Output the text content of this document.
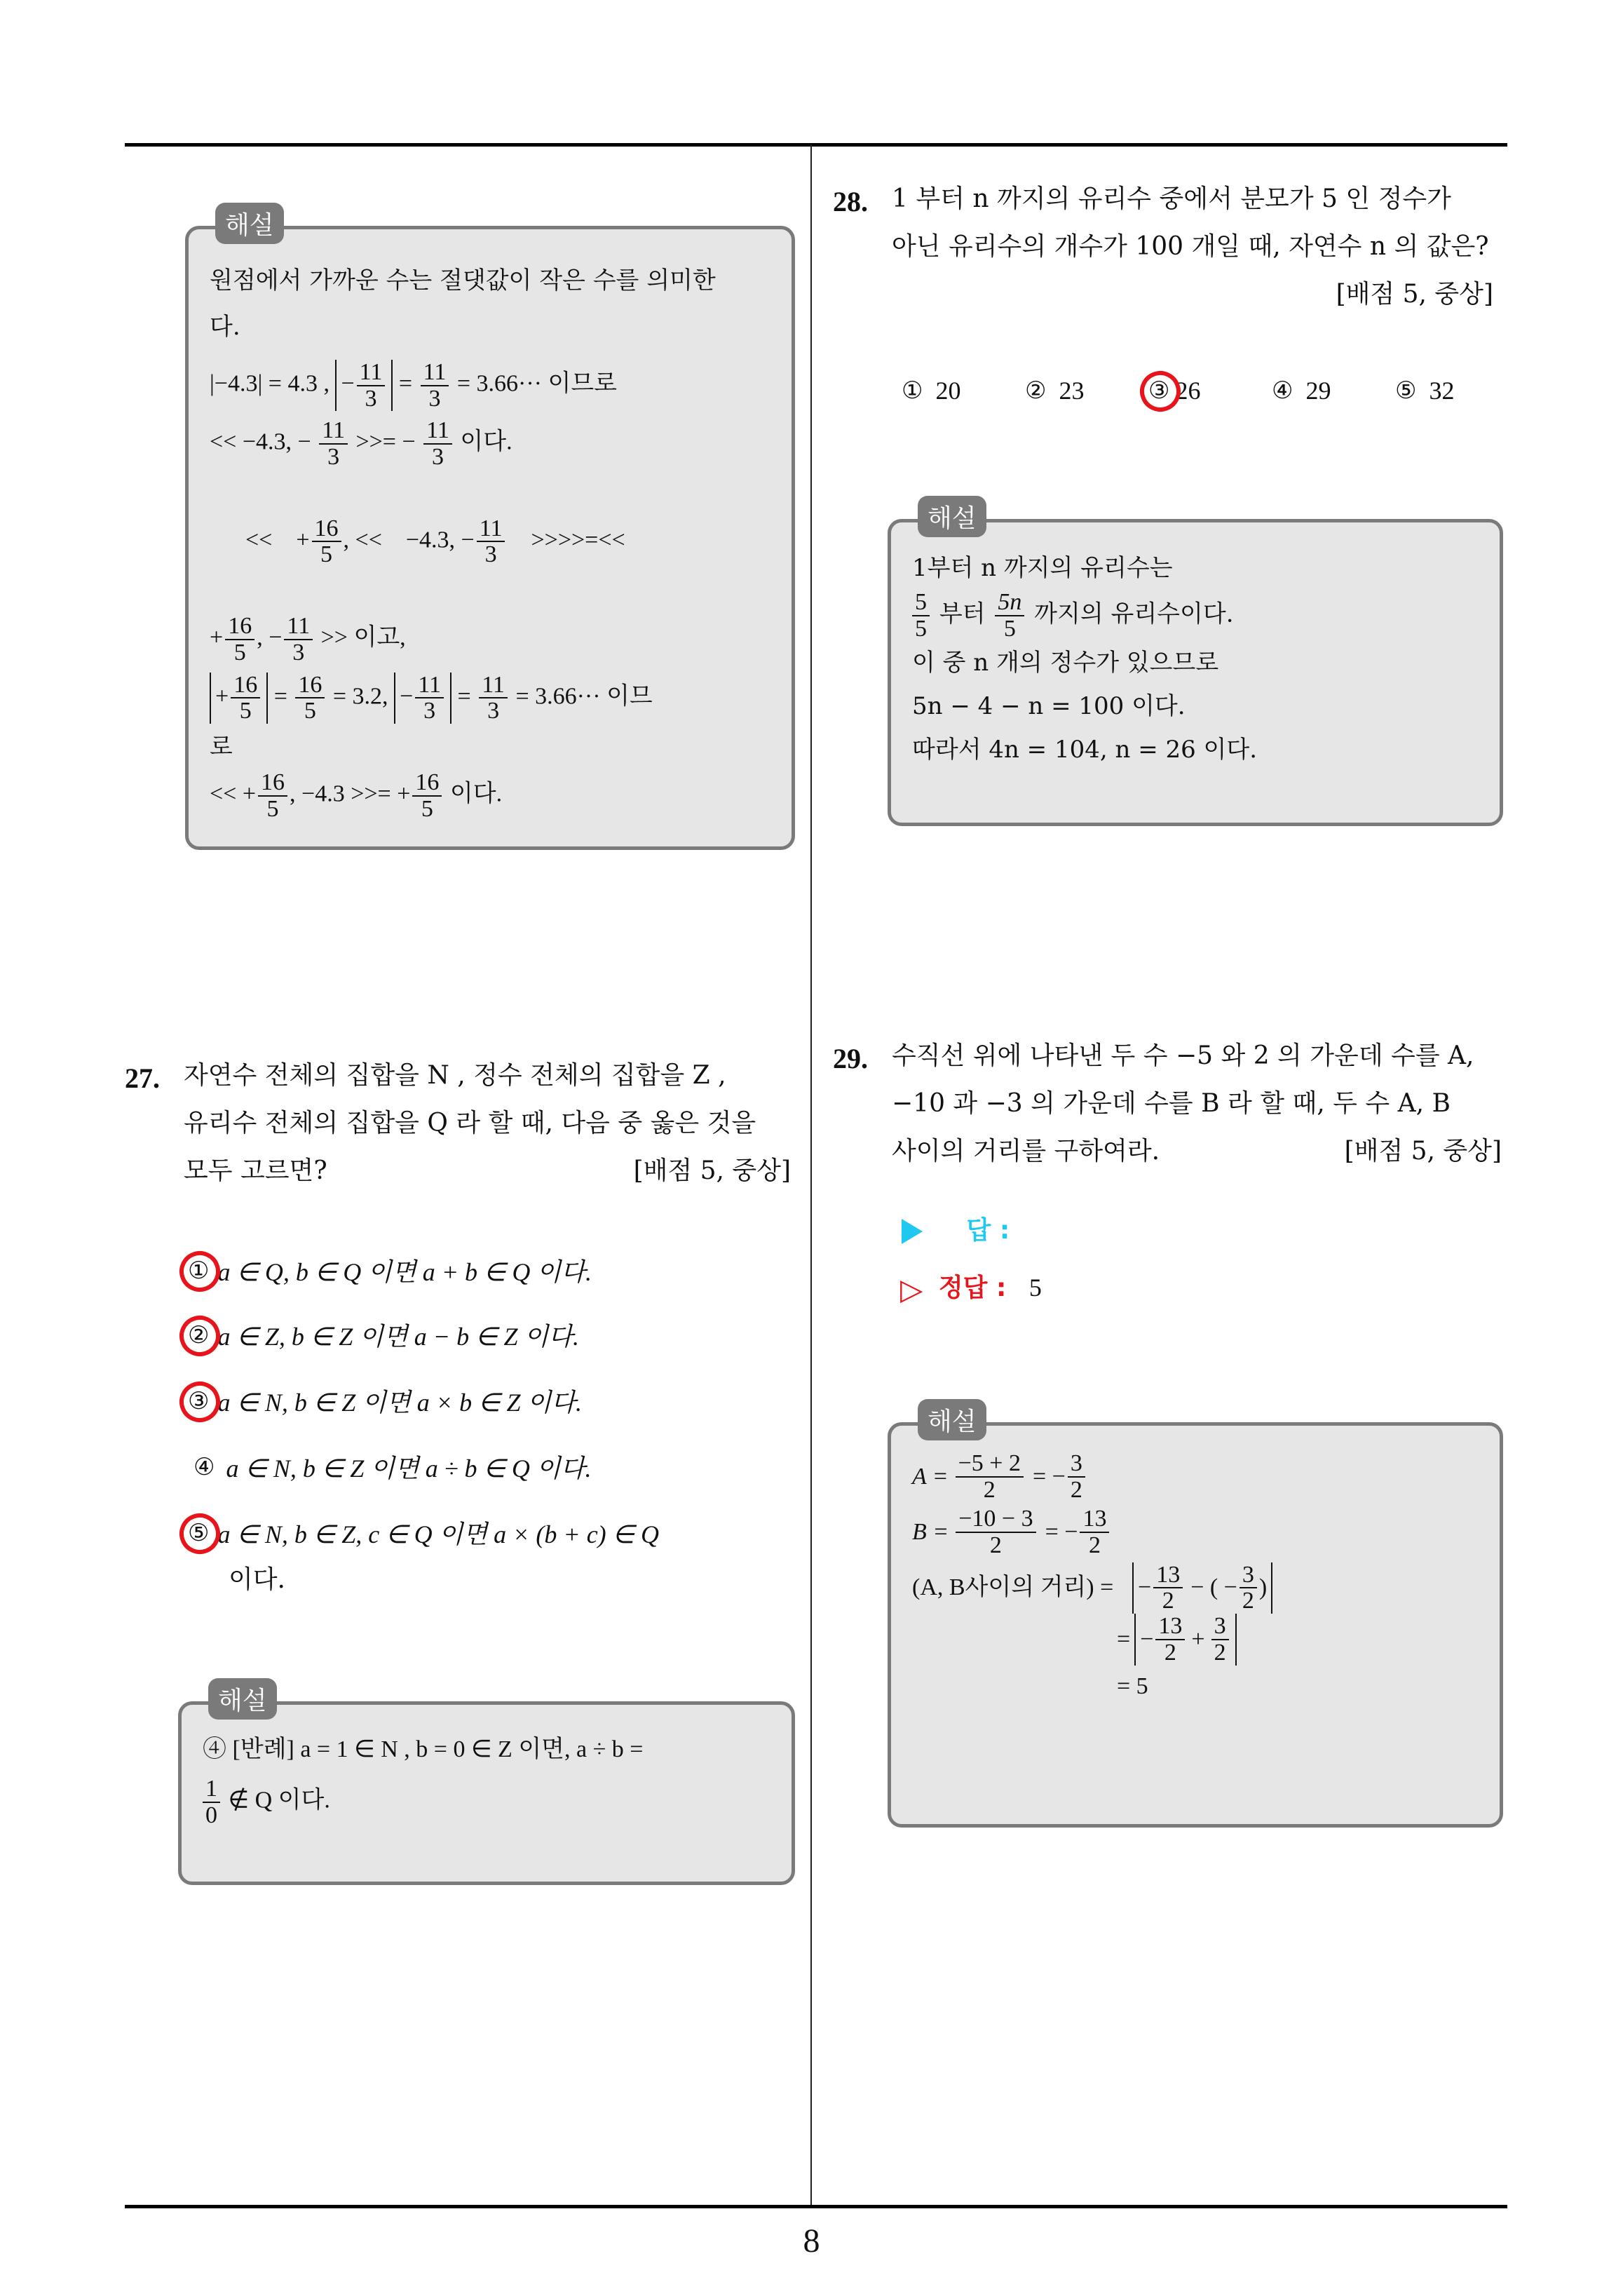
8
해설
원점에서 가까운 수는 절댓값이 작은 수를 의미한
다.
|−4.3| = 4.3 , − $\frac{11}{3} = \frac{11}{3} = 3.66\cdot\cdot\cdot$ 이므로
<< −4.3, − $\frac{11}{3}$ >>= − $\frac{11}{3}$ 이다.

<<    + $\frac{16}{5}$ , <<    −4.3, − $\frac{11}{3}$ >>>>=<<

+ $\frac{16}{5}$ , − $\frac{11}{3}$ >> 이고,
+ $\frac{16}{5} = \frac{16}{5} = 3.2$, − $\frac{11}{3} = \frac{11}{3} = 3.66\cdot\cdot\cdot$ 이므
로
<< + $\frac{16}{5}$ , −4.3 >>= + $\frac{16}{5}$ 이다.
27. 자연수 전체의 집합을 N , 정수 전체의 집합을 Z ,
유리수 전체의 집합을 Q 라 할 때, 다음 중 옳은 것을
모두 고르면?	[배점 5, 중상]
① a ∈ Q, b ∈ Q 이면 a + b ∈ Q 이다.
② a ∈ Z, b ∈ Z 이면 a − b ∈ Z 이다.
③ a ∈ N, b ∈ Z 이면 a × b ∈ Z 이다.
④ a ∈ N, b ∈ Z 이면 a ÷ b ∈ Q 이다.
⑤ a ∈ N, b ∈ Z, c ∈ Q 이면 a × (b + c) ∈ Q
이다.
해설
④ [반례] a = 1 ∈ N , b = 0 ∈ Z 이면, a ÷ b =
$\frac{1}{0}$ ∉ Q 이다.
28. 1 부터 n 까지의 유리수 중에서 분모가 5 인 정수가
아닌 유리수의 개수가 100 개일 때, 자연수 n 의 값은?
[배점 5, 중상]
① 20	② 23	③ 26	④ 29	⑤ 32
해설
1부터 n 까지의 유리수는
$\frac{5}{5}$ 부터 $\frac{5n}{5}$ 까지의 유리수이다.
이 중 n 개의 정수가 있으므로
5n − 4 − n = 100 이다.
따라서 4n = 104, n = 26 이다.
29. 수직선 위에 나타낸 두 수 −5 와 2 의 가운데 수를 A,
−10 과 −3 의 가운데 수를 B 라 할 때, 두 수 A, B
사이의 거리를 구하여라.	[배점 5, 중상]
답 :
▷ 정답 : 5
해설
$A = \frac{-5 + 2}{2}$ = − $\frac{3}{2}$
$B = \frac{-10 - 3}{2}$ = − $\frac{13}{2}$
(A, B사이의 거리) =	− $\frac{13}{2}$ − ( − $\frac{3}{2}$ )
= − $\frac{13}{2} + \frac{3}{2}$
= 5
